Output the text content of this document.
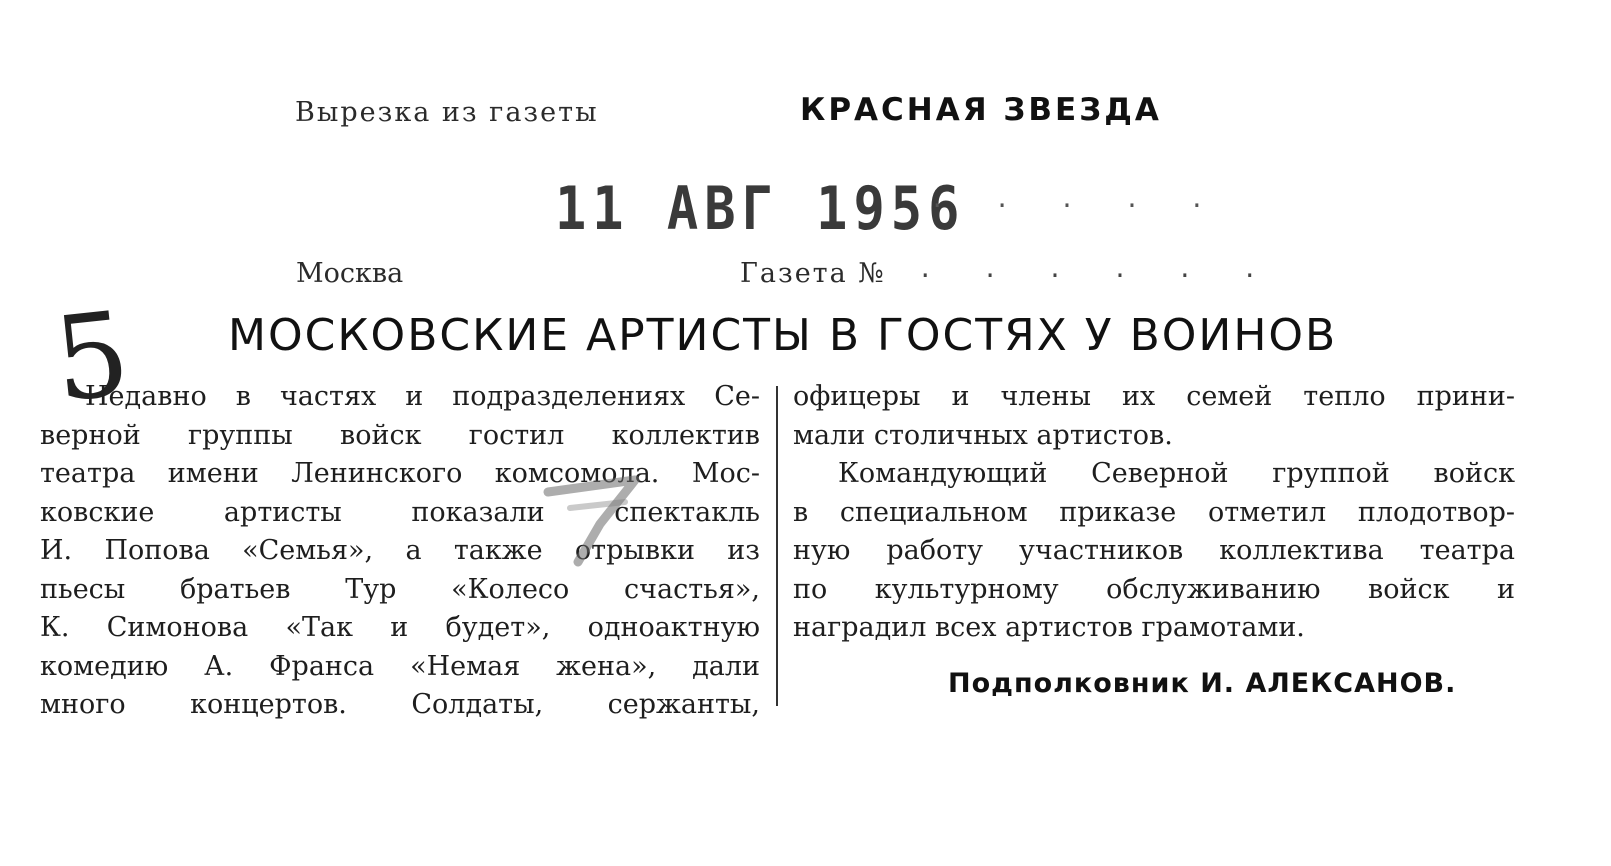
Вырезка из газеты	КРАСНАЯ ЗВЕЗДА
11 АВГ 1956
. . . . .
Москва	Газета № . . . . . .
5 МОСКОВСКИЕ АРТИСТЫ В ГОСТЯХ У ВОИНОВ
Недавно в частях и подразделениях Се-
верной группы войск гостил коллектив
театра имени Ленинского комсомола. Мос-
ковские артисты показали спектакль
И. Попова «Семья», а также отрывки из
пьесы братьев Тур «Колесо счастья»,
К. Симонова «Так и будет», одноактную
комедию А. Франса «Немая жена», дали
много концертов. Солдаты, сержанты,
офицеры и члены их семей тепло прини-
мали столичных артистов.
Командующий Северной группой войск
в специальном приказе отметил плодотвор-
ную работу участников коллектива театра
по культурному обслуживанию войск и
наградил всех артистов грамотами.
Подполковник И. АЛЕКСАНОВ.
